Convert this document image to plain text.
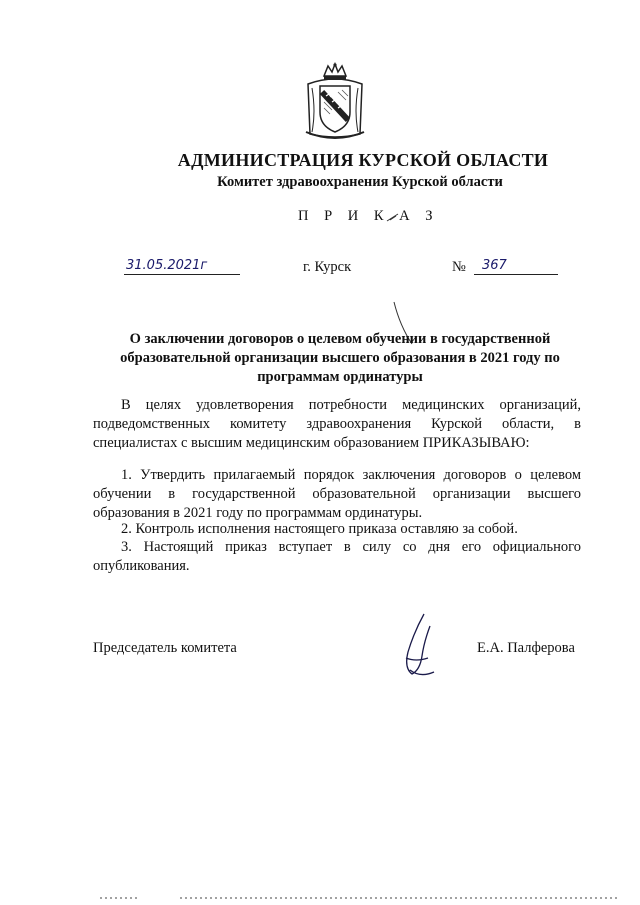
АДМИНИСТРАЦИЯ КУРСКОЙ ОБЛАСТИ
Комитет здравоохранения Курской области
П Р И К А З
31.05.2021г	г. Курск	№	367
О заключении договоров о целевом обучении в государственной образовательной организации высшего образования в 2021 году по программам ординатуры
В целях удовлетворения потребности медицинских организаций, подведомственных комитету здравоохранения Курской области, в специалистах с высшим медицинским образованием ПРИКАЗЫВАЮ:
1. Утвердить прилагаемый порядок заключения договоров о целевом обучении в государственной образовательной организации высшего образования в 2021 году по программам ординатуры.
2. Контроль исполнения настоящего приказа оставляю за собой.
3. Настоящий приказ вступает в силу со дня его официального опубликования.
Председатель комитета	Е.А. Палферова
